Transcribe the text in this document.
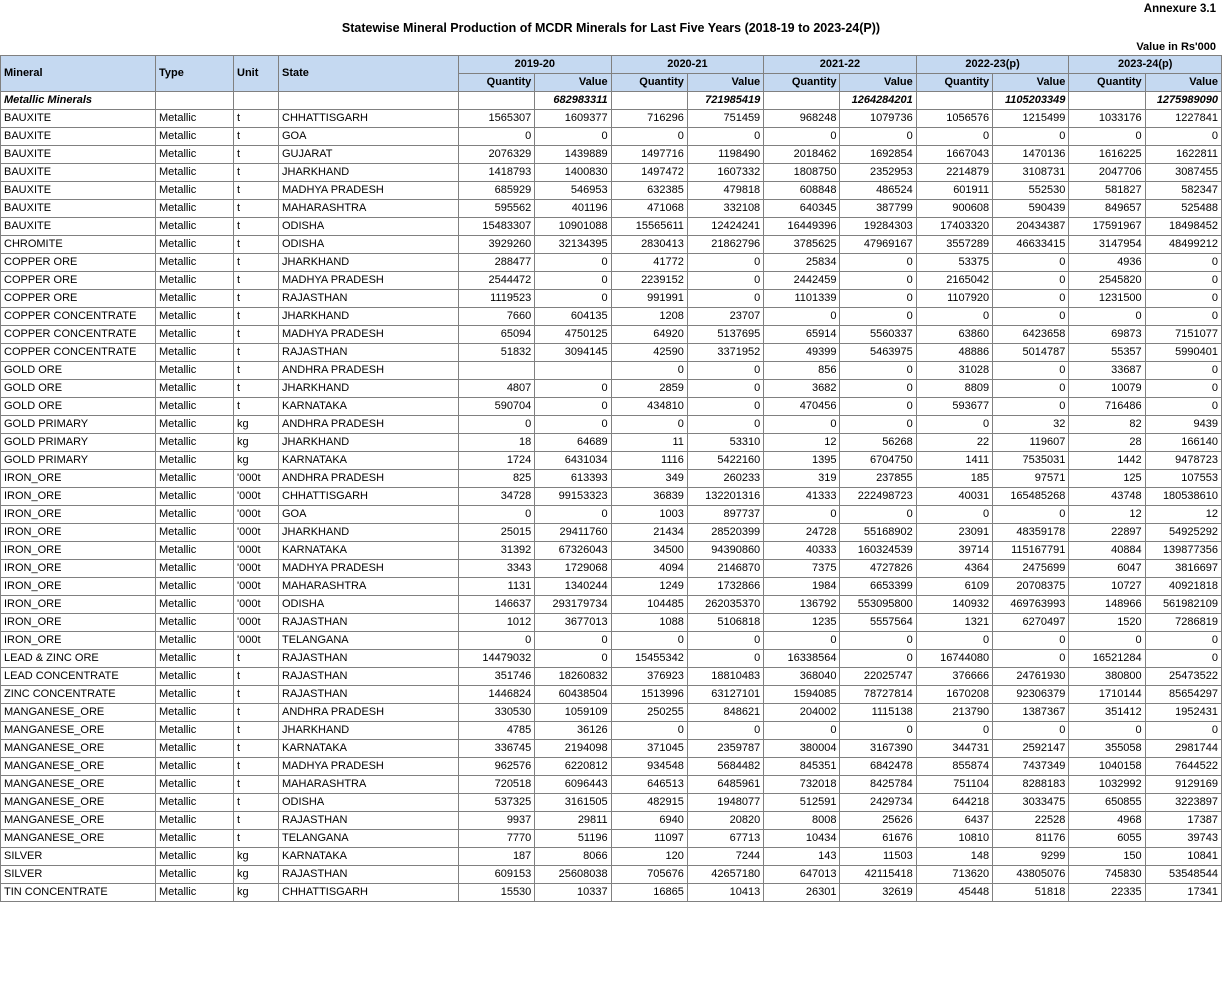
Annexure 3.1
Statewise Mineral Production of MCDR Minerals for Last Five Years (2018-19 to 2023-24(P))
Value in Rs'000
Mineral	Type	Unit	State	2019-20		2020-21		2021-22		2022-23(p)		2023-24(p)	
				Quantity	Value	Quantity	Value	Quantity	Value	Quantity	Value	Quantity	Value
Metallic Minerals					682983311		721985419		1264284201		1105203349		1275989090
BAUXITE	Metallic	t	CHHATTISGARH	1565307	1609377	716296	751459	968248	1079736	1056576	1215499	1033176	1227841
BAUXITE	Metallic	t	GOA	0	0	0	0	0	0	0	0	0	0
BAUXITE	Metallic	t	GUJARAT	2076329	1439889	1497716	1198490	2018462	1692854	1667043	1470136	1616225	1622811
BAUXITE	Metallic	t	JHARKHAND	1418793	1400830	1497472	1607332	1808750	2352953	2214879	3108731	2047706	3087455
BAUXITE	Metallic	t	MADHYA PRADESH	685929	546953	632385	479818	608848	486524	601911	552530	581827	582347
BAUXITE	Metallic	t	MAHARASHTRA	595562	401196	471068	332108	640345	387799	900608	590439	849657	525488
BAUXITE	Metallic	t	ODISHA	15483307	10901088	15565611	12424241	16449396	19284303	17403320	20434387	17591967	18498452
CHROMITE	Metallic	t	ODISHA	3929260	32134395	2830413	21862796	3785625	47969167	3557289	46633415	3147954	48499212
COPPER ORE	Metallic	t	JHARKHAND	288477	0	41772	0	25834	0	53375	0	4936	0
COPPER ORE	Metallic	t	MADHYA PRADESH	2544472	0	2239152	0	2442459	0	2165042	0	2545820	0
COPPER ORE	Metallic	t	RAJASTHAN	1119523	0	991991	0	1101339	0	1107920	0	1231500	0
COPPER CONCENTRATE	Metallic	t	JHARKHAND	7660	604135	1208	23707	0	0	0	0	0	0
COPPER CONCENTRATE	Metallic	t	MADHYA PRADESH	65094	4750125	64920	5137695	65914	5560337	63860	6423658	69873	7151077
COPPER CONCENTRATE	Metallic	t	RAJASTHAN	51832	3094145	42590	3371952	49399	5463975	48886	5014787	55357	5990401
GOLD ORE	Metallic	t	ANDHRA PRADESH			0	0	856	0	31028	0	33687	0
GOLD ORE	Metallic	t	JHARKHAND	4807	0	2859	0	3682	0	8809	0	10079	0
GOLD ORE	Metallic	t	KARNATAKA	590704	0	434810	0	470456	0	593677	0	716486	0
GOLD PRIMARY	Metallic	kg	ANDHRA PRADESH	0	0	0	0	0	0	0	32	82	9439
GOLD PRIMARY	Metallic	kg	JHARKHAND	18	64689	11	53310	12	56268	22	119607	28	166140
GOLD PRIMARY	Metallic	kg	KARNATAKA	1724	6431034	1116	5422160	1395	6704750	1411	7535031	1442	9478723
IRON_ORE	Metallic	'000t	ANDHRA PRADESH	825	613393	349	260233	319	237855	185	97571	125	107553
IRON_ORE	Metallic	'000t	CHHATTISGARH	34728	99153323	36839	132201316	41333	222498723	40031	165485268	43748	180538610
IRON_ORE	Metallic	'000t	GOA	0	0	1003	897737	0	0	0	0	12	12
IRON_ORE	Metallic	'000t	JHARKHAND	25015	29411760	21434	28520399	24728	55168902	23091	48359178	22897	54925292
IRON_ORE	Metallic	'000t	KARNATAKA	31392	67326043	34500	94390860	40333	160324539	39714	115167791	40884	139877356
IRON_ORE	Metallic	'000t	MADHYA PRADESH	3343	1729068	4094	2146870	7375	4727826	4364	2475699	6047	3816697
IRON_ORE	Metallic	'000t	MAHARASHTRA	1131	1340244	1249	1732866	1984	6653399	6109	20708375	10727	40921818
IRON_ORE	Metallic	'000t	ODISHA	146637	293179734	104485	262035370	136792	553095800	140932	469763993	148966	561982109
IRON_ORE	Metallic	'000t	RAJASTHAN	1012	3677013	1088	5106818	1235	5557564	1321	6270497	1520	7286819
IRON_ORE	Metallic	'000t	TELANGANA	0	0	0	0	0	0	0	0	0	0
LEAD & ZINC ORE	Metallic	t	RAJASTHAN	14479032	0	15455342	0	16338564	0	16744080	0	16521284	0
LEAD CONCENTRATE	Metallic	t	RAJASTHAN	351746	18260832	376923	18810483	368040	22025747	376666	24761930	380800	25473522
ZINC CONCENTRATE	Metallic	t	RAJASTHAN	1446824	60438504	1513996	63127101	1594085	78727814	1670208	92306379	1710144	85654297
MANGANESE_ORE	Metallic	t	ANDHRA PRADESH	330530	1059109	250255	848621	204002	1115138	213790	1387367	351412	1952431
MANGANESE_ORE	Metallic	t	JHARKHAND	4785	36126	0	0	0	0	0	0	0	0
MANGANESE_ORE	Metallic	t	KARNATAKA	336745	2194098	371045	2359787	380004	3167390	344731	2592147	355058	2981744
MANGANESE_ORE	Metallic	t	MADHYA PRADESH	962576	6220812	934548	5684482	845351	6842478	855874	7437349	1040158	7644522
MANGANESE_ORE	Metallic	t	MAHARASHTRA	720518	6096443	646513	6485961	732018	8425784	751104	8288183	1032992	9129169
MANGANESE_ORE	Metallic	t	ODISHA	537325	3161505	482915	1948077	512591	2429734	644218	3033475	650855	3223897
MANGANESE_ORE	Metallic	t	RAJASTHAN	9937	29811	6940	20820	8008	25626	6437	22528	4968	17387
MANGANESE_ORE	Metallic	t	TELANGANA	7770	51196	11097	67713	10434	61676	10810	81176	6055	39743
SILVER	Metallic	kg	KARNATAKA	187	8066	120	7244	143	11503	148	9299	150	10841
SILVER	Metallic	kg	RAJASTHAN	609153	25608038	705676	42657180	647013	42115418	713620	43805076	745830	53548544
TIN CONCENTRATE	Metallic	kg	CHHATTISGARH	15530	10337	16865	10413	26301	32619	45448	51818	22335	17341
